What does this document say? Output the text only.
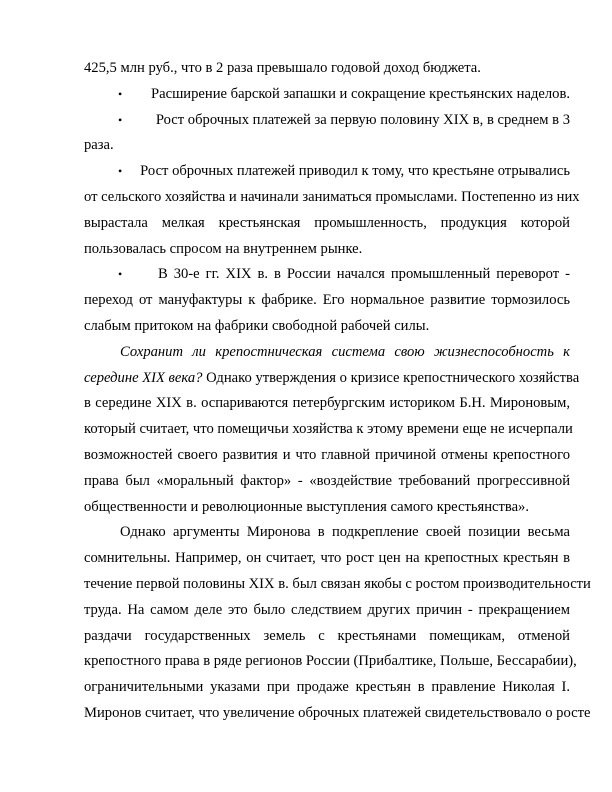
425,5 млн руб., что в 2 раза превышало годовой доход бюджета.
•	Расширение барской запашки и сокращение крестьянских наделов.
•	Рост оброчных платежей за первую половину XIX в, в среднем в 3
раза.
•	Рост оброчных платежей приводил к тому, что крестьяне отрывались
от сельского хозяйства и начинали заниматься промыслами. Постепенно из них
вырастала мелкая крестьянская промышленность, продукция которой
пользовалась спросом на внутреннем рынке.
•	В 30-е гг. XIX в. в России начался промышленный переворот -
переход от мануфактуры к фабрике. Его нормальное развитие тормозилось
слабым притоком на фабрики свободной рабочей силы.
Сохранит ли крепостническая система свою жизнеспособность к
середине XIX века? Однако утверждения о кризисе крепостнического хозяйства
в середине XIX в. оспариваются петербургским историком Б.Н. Мироновым,
который считает, что помещичьи хозяйства к этому времени еще не исчерпали
возможностей своего развития и что главной причиной отмены крепостного
права был «моральный фактор» - «воздействие требований прогрессивной
общественности и революционные выступления самого крестьянства».
Однако аргументы Миронова в подкрепление своей позиции весьма
сомнительны. Например, он считает, что рост цен на крепостных крестьян в
течение первой половины XIX в. был связан якобы с ростом производительности
труда. На самом деле это было следствием других причин - прекращением
раздачи государственных земель с крестьянами помещикам, отменой
крепостного права в ряде регионов России (Прибалтике, Польше, Бессарабии),
ограничительными указами при продаже крестьян в правление Николая I.
Миронов считает, что увеличение оброчных платежей свидетельствовало о росте
